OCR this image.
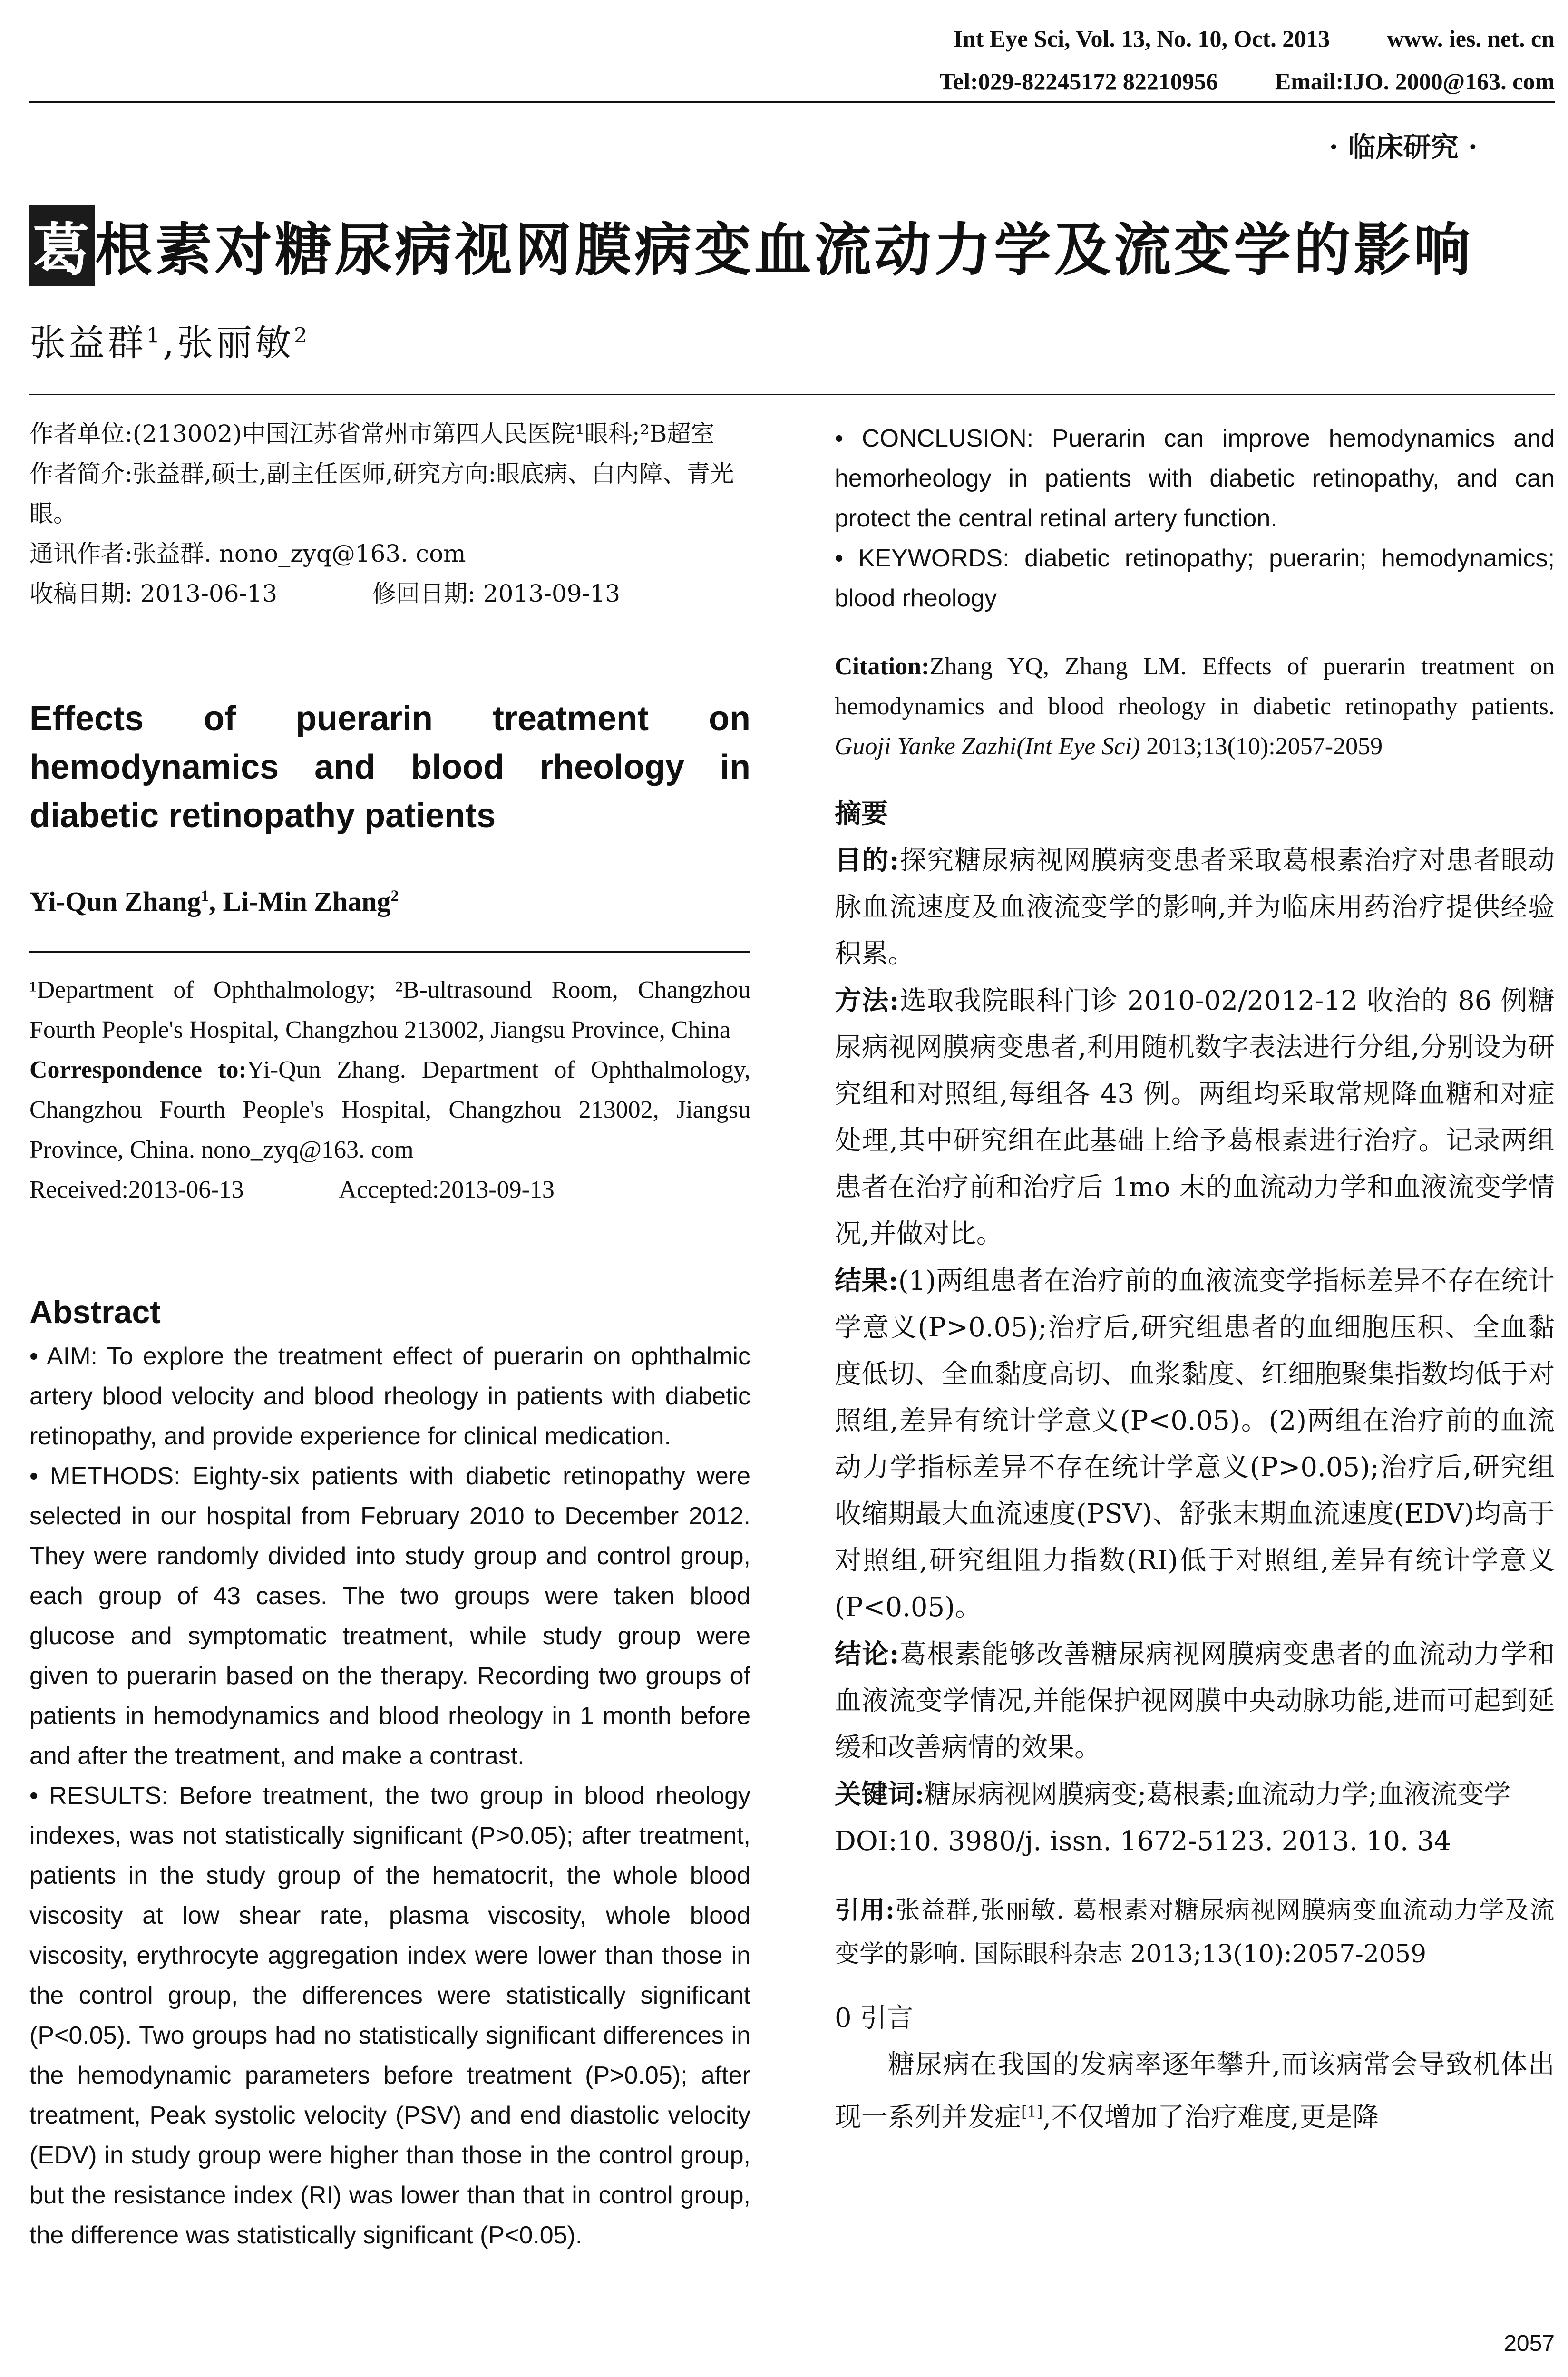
Int Eye Sci, Vol. 13, No. 10, Oct. 2013 www. ies. net. cn
Tel:029-82245172 82210956 Email:IJO. 2000@163. com
· 临床研究 ·
葛根素对糖尿病视网膜病变血流动力学及流变学的影响
张益群$^1$,张丽敏$^2$
作者单位:(213002)中国江苏省常州市第四人民医院¹眼科;²B超室
作者简介:张益群,硕士,副主任医师,研究方向:眼底病、白内障、青光眼。
通讯作者:张益群. nono_zyq@163. com
收稿日期: 2013-06-13	修回日期: 2013-09-13
Effects of puerarin treatment on hemodynamics and blood rheology in diabetic retinopathy patients
Yi-Qun Zhang$^1$, Li-Min Zhang$^2$
¹Department of Ophthalmology; ²B-ultrasound Room, Changzhou Fourth People's Hospital, Changzhou 213002, Jiangsu Province, China
Correspondence to:Yi-Qun Zhang. Department of Ophthalmology, Changzhou Fourth People's Hospital, Changzhou 213002, Jiangsu Province, China. nono_zyq@163. com
Received:2013-06-13	Accepted:2013-09-13
Abstract
• AIM: To explore the treatment effect of puerarin on ophthalmic artery blood velocity and blood rheology in patients with diabetic retinopathy, and provide experience for clinical medication.
• METHODS: Eighty-six patients with diabetic retinopathy were selected in our hospital from February 2010 to December 2012. They were randomly divided into study group and control group, each group of 43 cases. The two groups were taken blood glucose and symptomatic treatment, while study group were given to puerarin based on the therapy. Recording two groups of patients in hemodynamics and blood rheology in 1 month before and after the treatment, and make a contrast.
• RESULTS: Before treatment, the two group in blood rheology indexes, was not statistically significant (P>0.05); after treatment, patients in the study group of the hematocrit, the whole blood viscosity at low shear rate, plasma viscosity, whole blood viscosity, erythrocyte aggregation index were lower than those in the control group, the differences were statistically significant (P<0.05). Two groups had no statistically significant differences in the hemodynamic parameters before treatment (P>0.05); after treatment, Peak systolic velocity (PSV) and end diastolic velocity (EDV) in study group were higher than those in the control group, but the resistance index (RI) was lower than that in control group, the difference was statistically significant (P<0.05).
• CONCLUSION: Puerarin can improve hemodynamics and hemorheology in patients with diabetic retinopathy, and can protect the central retinal artery function.
• KEYWORDS: diabetic retinopathy; puerarin; hemodynamics; blood rheology
Citation:Zhang YQ, Zhang LM. Effects of puerarin treatment on hemodynamics and blood rheology in diabetic retinopathy patients. Guoji Yanke Zazhi(Int Eye Sci) 2013;13(10):2057-2059
摘要
目的:探究糖尿病视网膜病变患者采取葛根素治疗对患者眼动脉血流速度及血液流变学的影响,并为临床用药治疗提供经验积累。
方法:选取我院眼科门诊 2010-02/2012-12 收治的 86 例糖尿病视网膜病变患者,利用随机数字表法进行分组,分别设为研究组和对照组,每组各 43 例。两组均采取常规降血糖和对症处理,其中研究组在此基础上给予葛根素进行治疗。记录两组患者在治疗前和治疗后 1mo 末的血流动力学和血液流变学情况,并做对比。
结果:(1)两组患者在治疗前的血液流变学指标差异不存在统计学意义(P>0.05);治疗后,研究组患者的血细胞压积、全血黏度低切、全血黏度高切、血浆黏度、红细胞聚集指数均低于对照组,差异有统计学意义(P<0.05)。(2)两组在治疗前的血流动力学指标差异不存在统计学意义(P>0.05);治疗后,研究组收缩期最大血流速度(PSV)、舒张末期血流速度(EDV)均高于对照组,研究组阻力指数(RI)低于对照组,差异有统计学意义(P<0.05)。
结论:葛根素能够改善糖尿病视网膜病变患者的血流动力学和血液流变学情况,并能保护视网膜中央动脉功能,进而可起到延缓和改善病情的效果。
关键词:糖尿病视网膜病变;葛根素;血流动力学;血液流变学
DOI:10. 3980/j. issn. 1672-5123. 2013. 10. 34
引用:张益群,张丽敏. 葛根素对糖尿病视网膜病变血流动力学及流变学的影响. 国际眼科杂志 2013;13(10):2057-2059
0 引言
糖尿病在我国的发病率逐年攀升,而该病常会导致机体出现一系列并发症[1],不仅增加了治疗难度,更是降
2057
